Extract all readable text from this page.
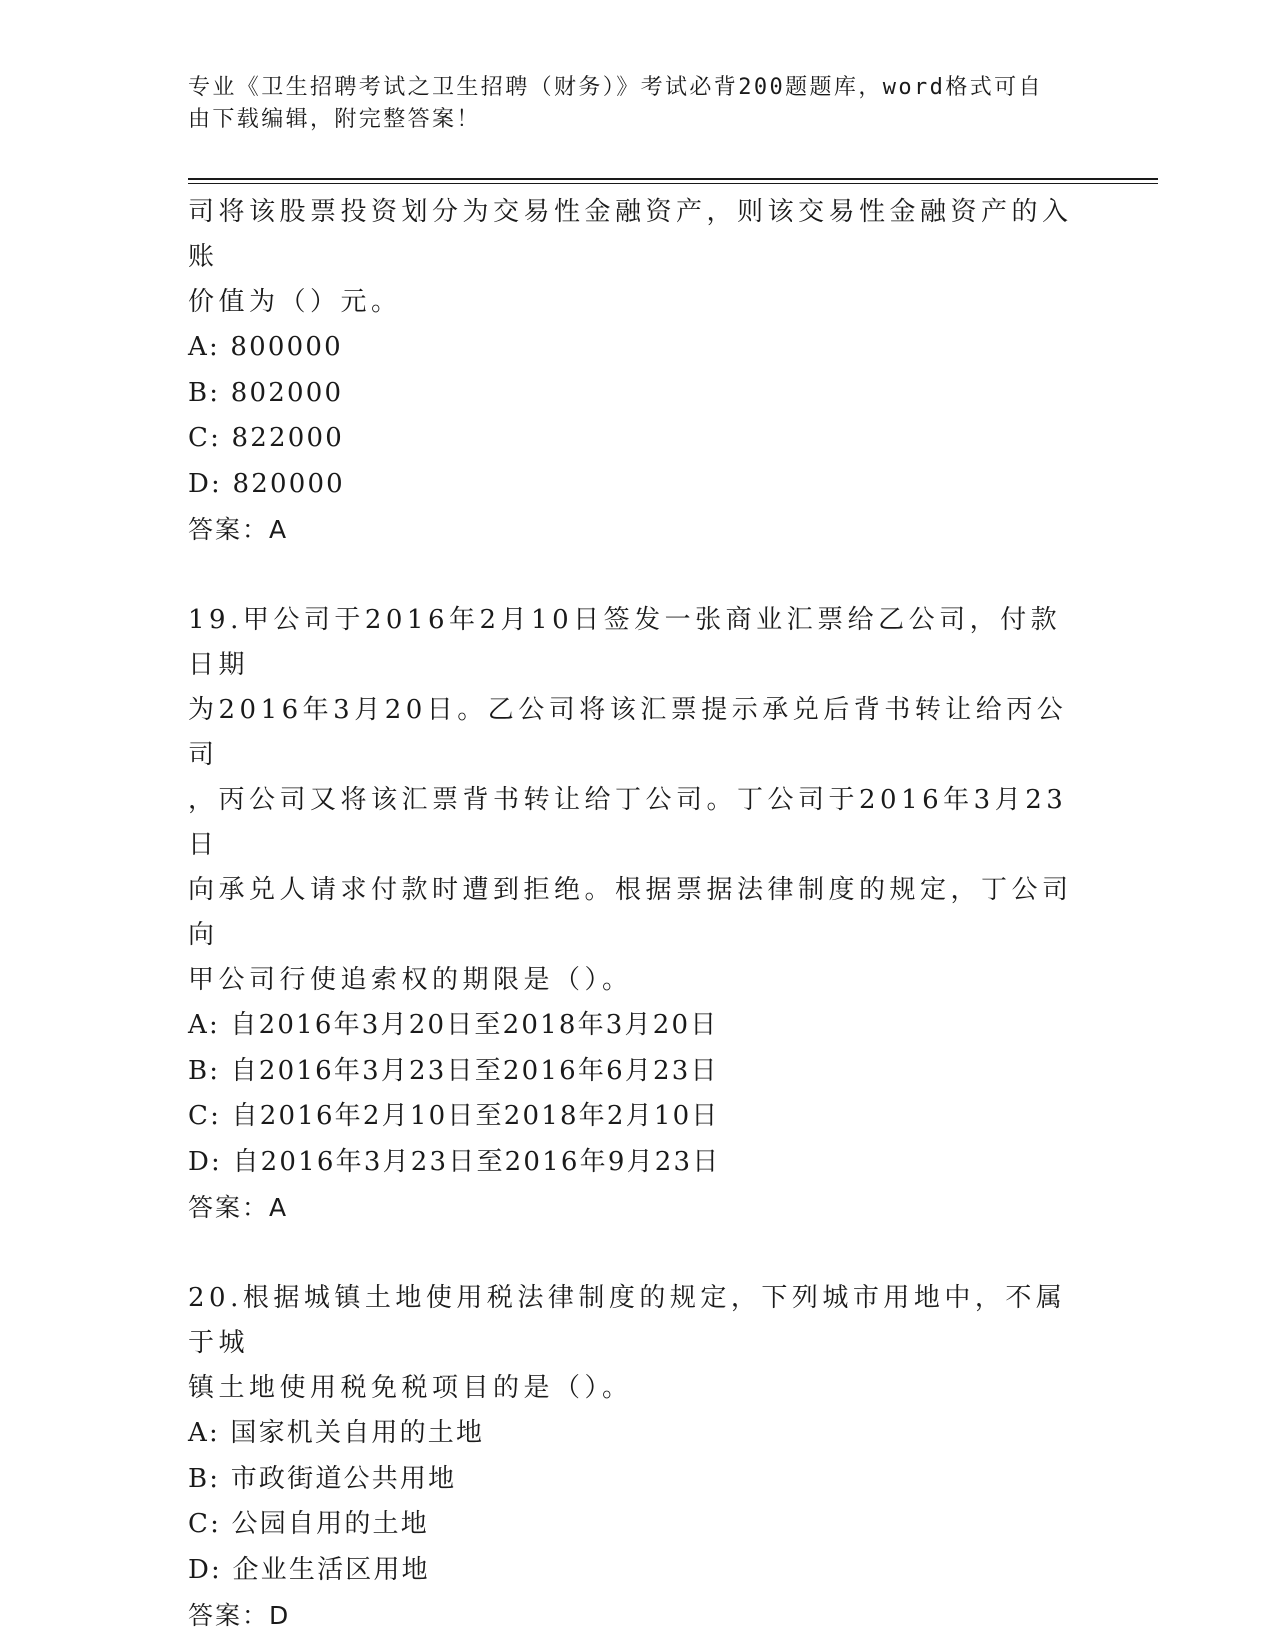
专业《卫生招聘考试之卫生招聘（财务）》考试必背200题题库，word格式可自
由下载编辑，附完整答案！

司将该股票投资划分为交易性金融资产，则该交易性金融资产的入账

价值为（）元。

A: 800000

B: 802000

C: 822000

D: 820000

答案：A

19.甲公司于2016年2月10日签发一张商业汇票给乙公司，付款日期

为2016年3月20日。乙公司将该汇票提示承兑后背书转让给丙公司

，丙公司又将该汇票背书转让给丁公司。丁公司于2016年3月23日

向承兑人请求付款时遭到拒绝。根据票据法律制度的规定，丁公司向

甲公司行使追索权的期限是（）。

A: 自2016年3月20日至2018年3月20日

B: 自2016年3月23日至2016年6月23日

C: 自2016年2月10日至2018年2月10日

D: 自2016年3月23日至2016年9月23日

答案：A

20.根据城镇土地使用税法律制度的规定，下列城市用地中，不属于城

镇土地使用税免税项目的是（）。

A: 国家机关自用的土地

B: 市政街道公共用地

C: 公园自用的土地

D: 企业生活区用地

答案：D
